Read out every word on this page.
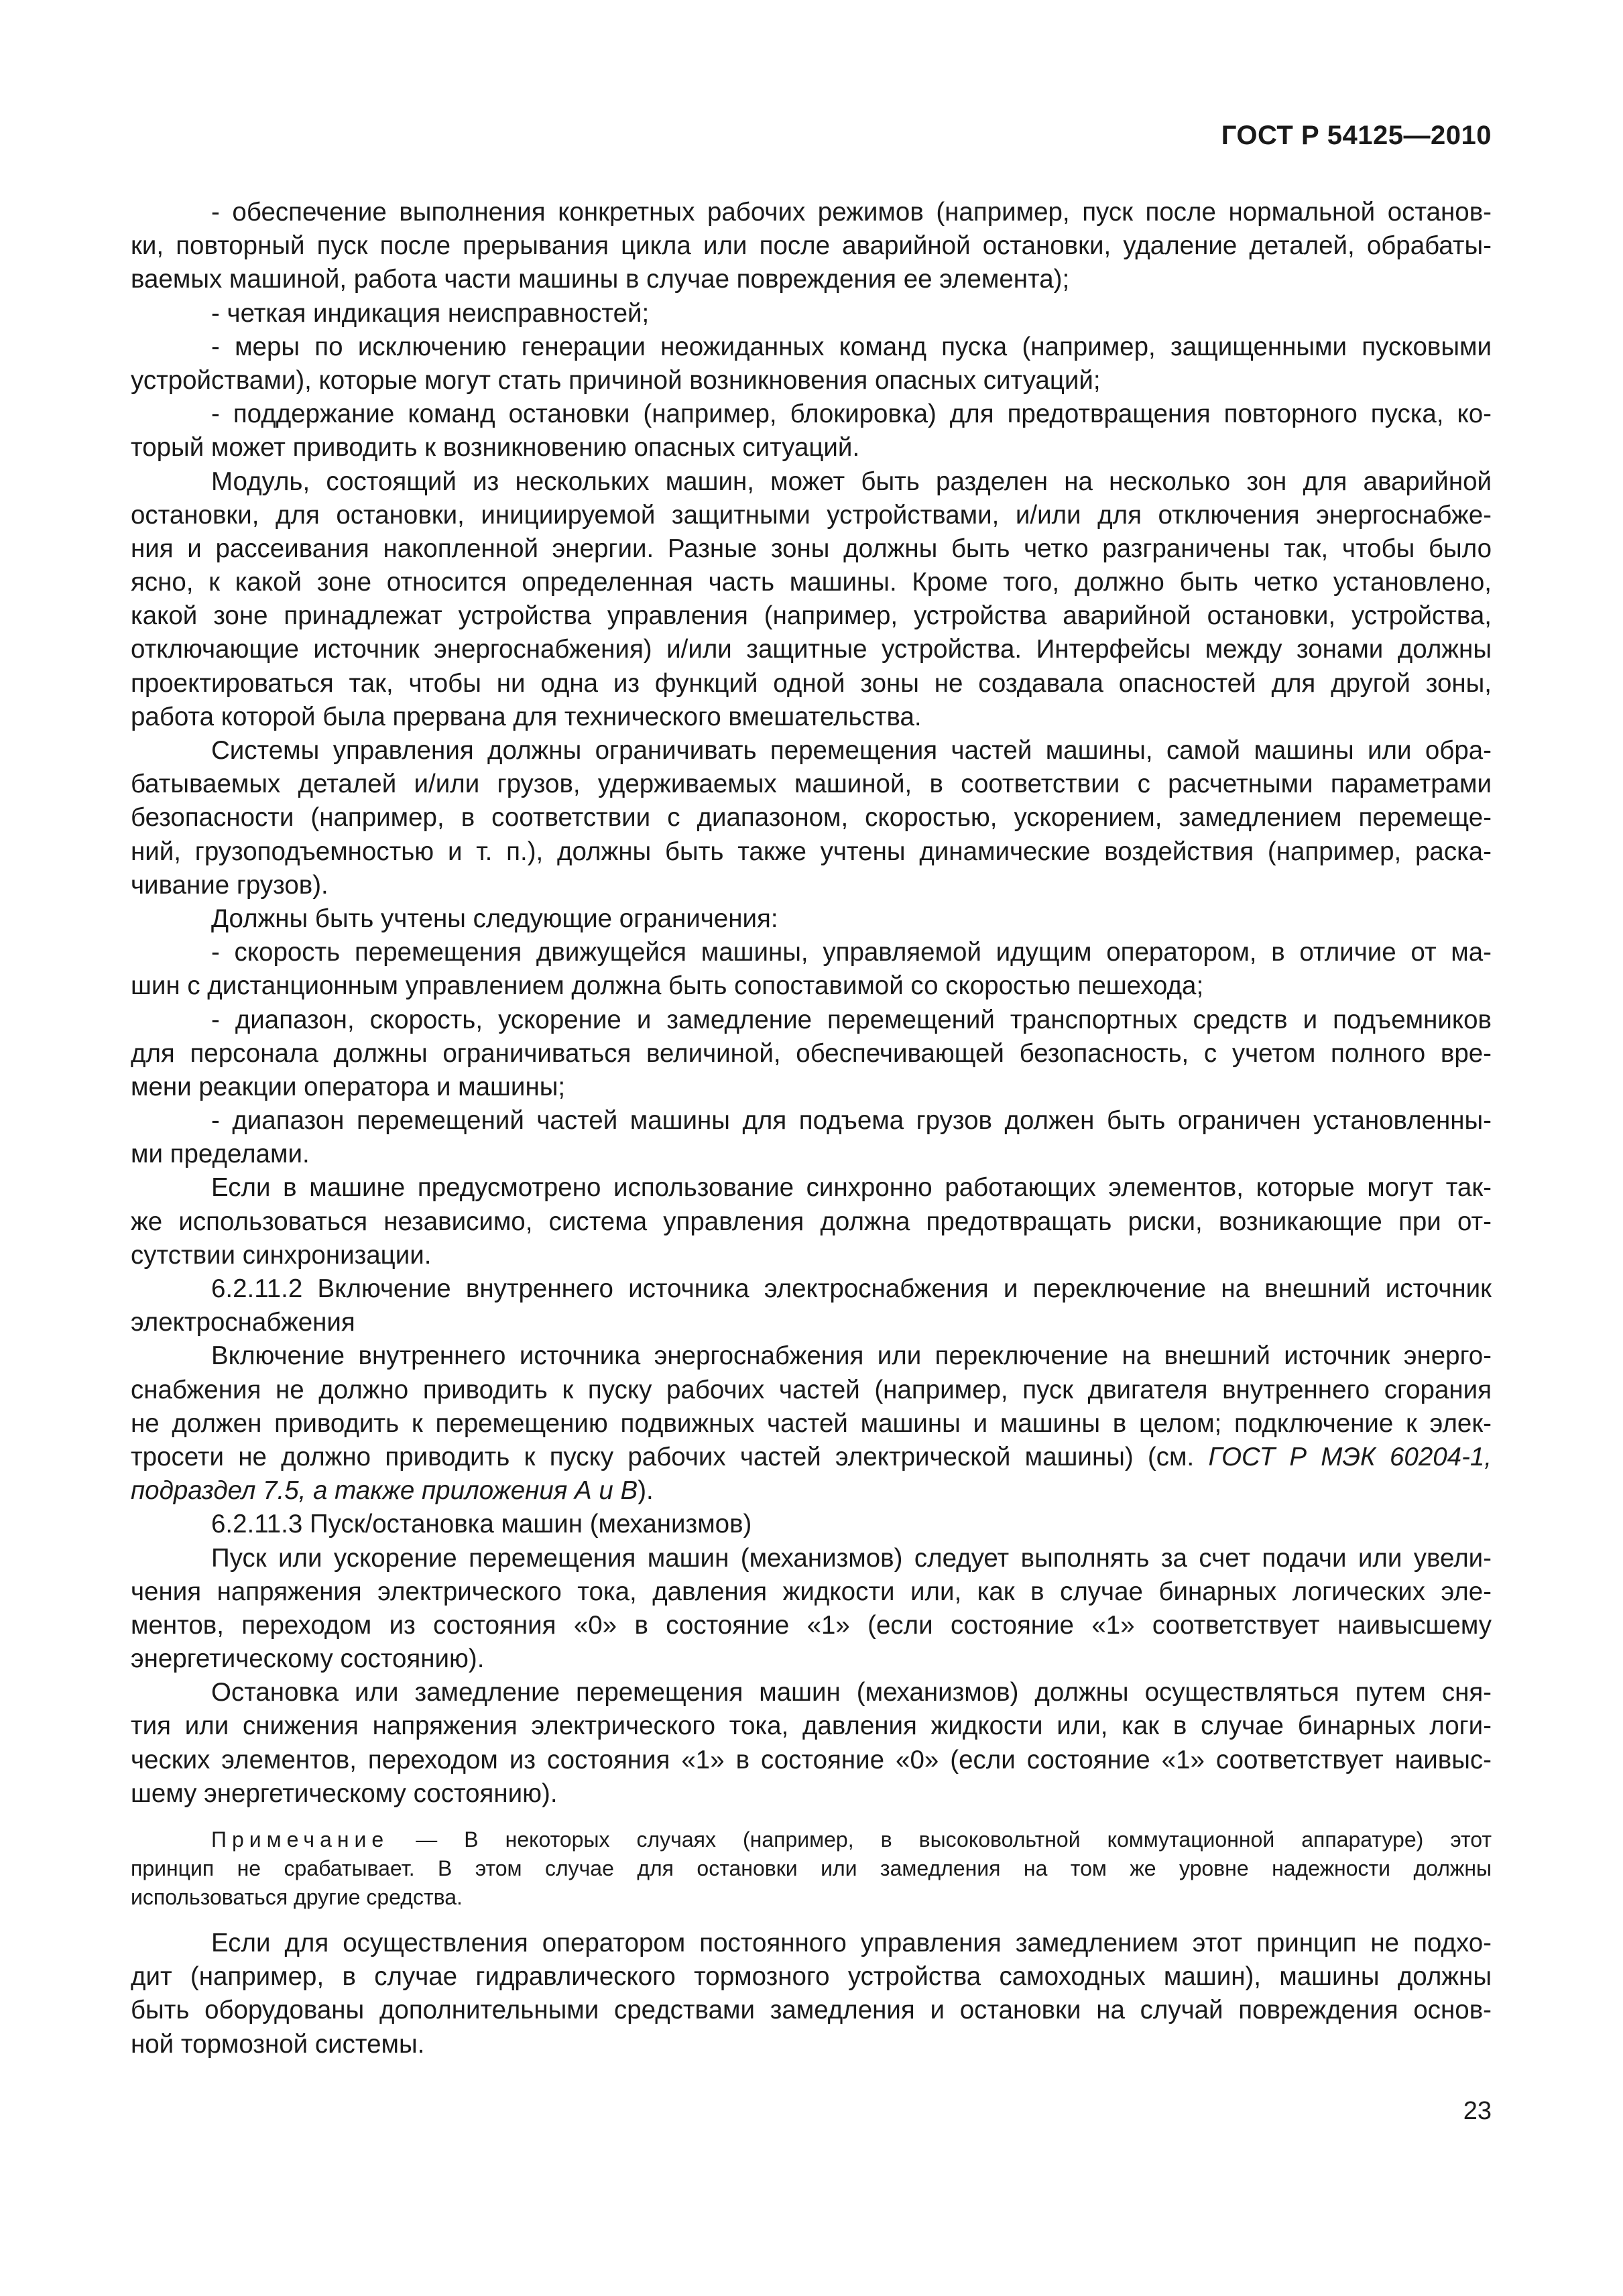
ГОСТ Р 54125—2010
- обеспечение выполнения конкретных рабочих режимов (например, пуск после нормальной останов-
ки, повторный пуск после прерывания цикла или после аварийной остановки, удаление деталей, обрабаты-
ваемых машиной, работа части машины в случае повреждения ее элемента);
- четкая индикация неисправностей;
- меры по исключению генерации неожиданных команд пуска (например, защищенными пусковыми
устройствами), которые могут стать причиной возникновения опасных ситуаций;
- поддержание команд остановки (например, блокировка) для предотвращения повторного пуска, ко-
торый может приводить к возникновению опасных ситуаций.
Модуль, состоящий из нескольких машин, может быть разделен на несколько зон для аварийной
остановки, для остановки, инициируемой защитными устройствами, и/или для отключения энергоснабже-
ния и рассеивания накопленной энергии. Разные зоны должны быть четко разграничены так, чтобы было
ясно, к какой зоне относится определенная часть машины. Кроме того, должно быть четко установлено,
какой зоне принадлежат устройства управления (например, устройства аварийной остановки, устройства,
отключающие источник энергоснабжения) и/или защитные устройства. Интерфейсы между зонами должны
проектироваться так, чтобы ни одна из функций одной зоны не создавала опасностей для другой зоны,
работа которой была прервана для технического вмешательства.
Системы управления должны ограничивать перемещения частей машины, самой машины или обра-
батываемых деталей и/или грузов, удерживаемых машиной, в соответствии с расчетными параметрами
безопасности (например, в соответствии с диапазоном, скоростью, ускорением, замедлением перемеще-
ний, грузоподъемностью и т. п.), должны быть также учтены динамические воздействия (например, раска-
чивание грузов).
Должны быть учтены следующие ограничения:
- скорость перемещения движущейся машины, управляемой идущим оператором, в отличие от ма-
шин с дистанционным управлением должна быть сопоставимой со скоростью пешехода;
- диапазон, скорость, ускорение и замедление перемещений транспортных средств и подъемников
для персонала должны ограничиваться величиной, обеспечивающей безопасность, с учетом полного вре-
мени реакции оператора и машины;
- диапазон перемещений частей машины для подъема грузов должен быть ограничен установленны-
ми пределами.
Если в машине предусмотрено использование синхронно работающих элементов, которые могут так-
же использоваться независимо, система управления должна предотвращать риски, возникающие при от-
сутствии синхронизации.
6.2.11.2 Включение внутреннего источника электроснабжения и переключение на внешний источник
электроснабжения
Включение внутреннего источника энергоснабжения или переключение на внешний источник энерго-
снабжения не должно приводить к пуску рабочих частей (например, пуск двигателя внутреннего сгорания
не должен приводить к перемещению подвижных частей машины и машины в целом; подключение к элек-
тросети не должно приводить к пуску рабочих частей электрической машины) (см. ГОСТ Р МЭК 60204-1,
подраздел 7.5, а также приложения А и В).
6.2.11.3 Пуск/остановка машин (механизмов)
Пуск или ускорение перемещения машин (механизмов) следует выполнять за счет подачи или увели-
чения напряжения электрического тока, давления жидкости или, как в случае бинарных логических эле-
ментов, переходом из состояния «0» в состояние «1» (если состояние «1» соответствует наивысшему
энергетическому состоянию).
Остановка или замедление перемещения машин (механизмов) должны осуществляться путем сня-
тия или снижения напряжения электрического тока, давления жидкости или, как в случае бинарных логи-
ческих элементов, переходом из состояния «1» в состояние «0» (если состояние «1» соответствует наивыс-
шему энергетическому состоянию).
Примечание — В некоторых случаях (например, в высоковольтной коммутационной аппаратуре) этот
принцип не срабатывает. В этом случае для остановки или замедления на том же уровне надежности должны
использоваться другие средства.
Если для осуществления оператором постоянного управления замедлением этот принцип не подхо-
дит (например, в случае гидравлического тормозного устройства самоходных машин), машины должны
быть оборудованы дополнительными средствами замедления и остановки на случай повреждения основ-
ной тормозной системы.
23
